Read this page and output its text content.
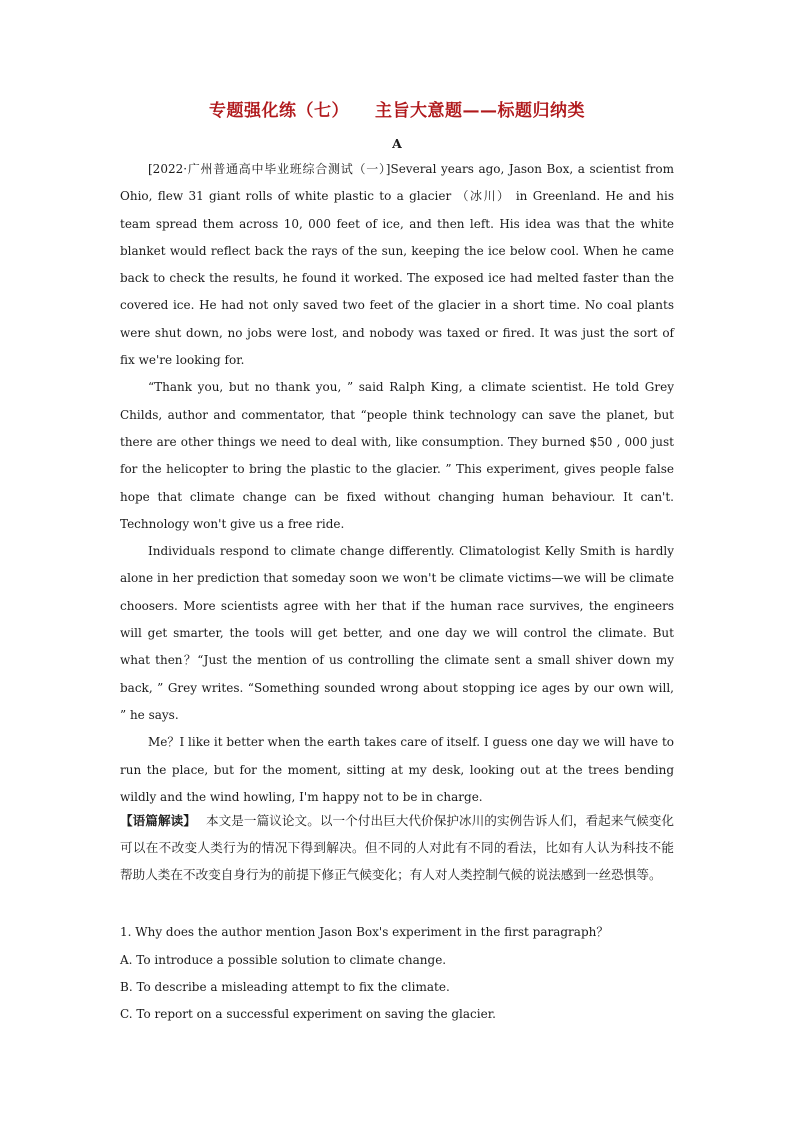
专题强化练（七） 主旨大意题——标题归纳类
A

[2022·广州普通高中毕业班综合测试（一）]Several years ago, Jason Box, a scientist from Ohio, flew 31 giant rolls of white plastic to a glacier （冰川） in Greenland. He and his team spread them across 10, 000 feet of ice, and then left. His idea was that the white blanket would reflect back the rays of the sun, keeping the ice below cool. When he came back to check the results, he found it worked. The exposed ice had melted faster than the covered ice. He had not only saved two feet of the glacier in a short time. No coal plants were shut down, no jobs were lost, and nobody was taxed or fired. It was just the sort of fix we're looking for.

“Thank you, but no thank you, ” said Ralph King, a climate scientist. He told Grey Childs, author and commentator, that “people think technology can save the planet, but there are other things we need to deal with, like consumption. They burned $50 , 000 just for the helicopter to bring the plastic to the glacier. ” This experiment, gives people false hope that climate change can be fixed without changing human behaviour. It can't. Technology won't give us a free ride.

Individuals respond to climate change differently. Climatologist Kelly Smith is hardly alone in her prediction that someday soon we won't be climate victims—we will be climate choosers. More scientists agree with her that if the human race survives, the engineers will get smarter, the tools will get better, and one day we will control the climate. But what then？“Just the mention of us controlling the climate sent a small shiver down my back, ” Grey writes. “Something sounded wrong about stopping ice ages by our own will, ” he says.

Me？I like it better when the earth takes care of itself. I guess one day we will have to run the place, but for the moment, sitting at my desk, looking out at the trees bending wildly and the wind howling, I'm happy not to be in charge.

【语篇解读】 本文是一篇议论文。以一个付出巨大代价保护冰川的实例告诉人们，看起来气候变化可以在不改变人类行为的情况下得到解决。但不同的人对此有不同的看法，比如有人认为科技不能帮助人类在不改变自身行为的前提下修正气候变化；有人对人类控制气候的说法感到一丝恐惧等。
1. Why does the author mention Jason Box's experiment in the first paragraph？
A. To introduce a possible solution to climate change.
B. To describe a misleading attempt to fix the climate.
C. To report on a successful experiment on saving the glacier.
